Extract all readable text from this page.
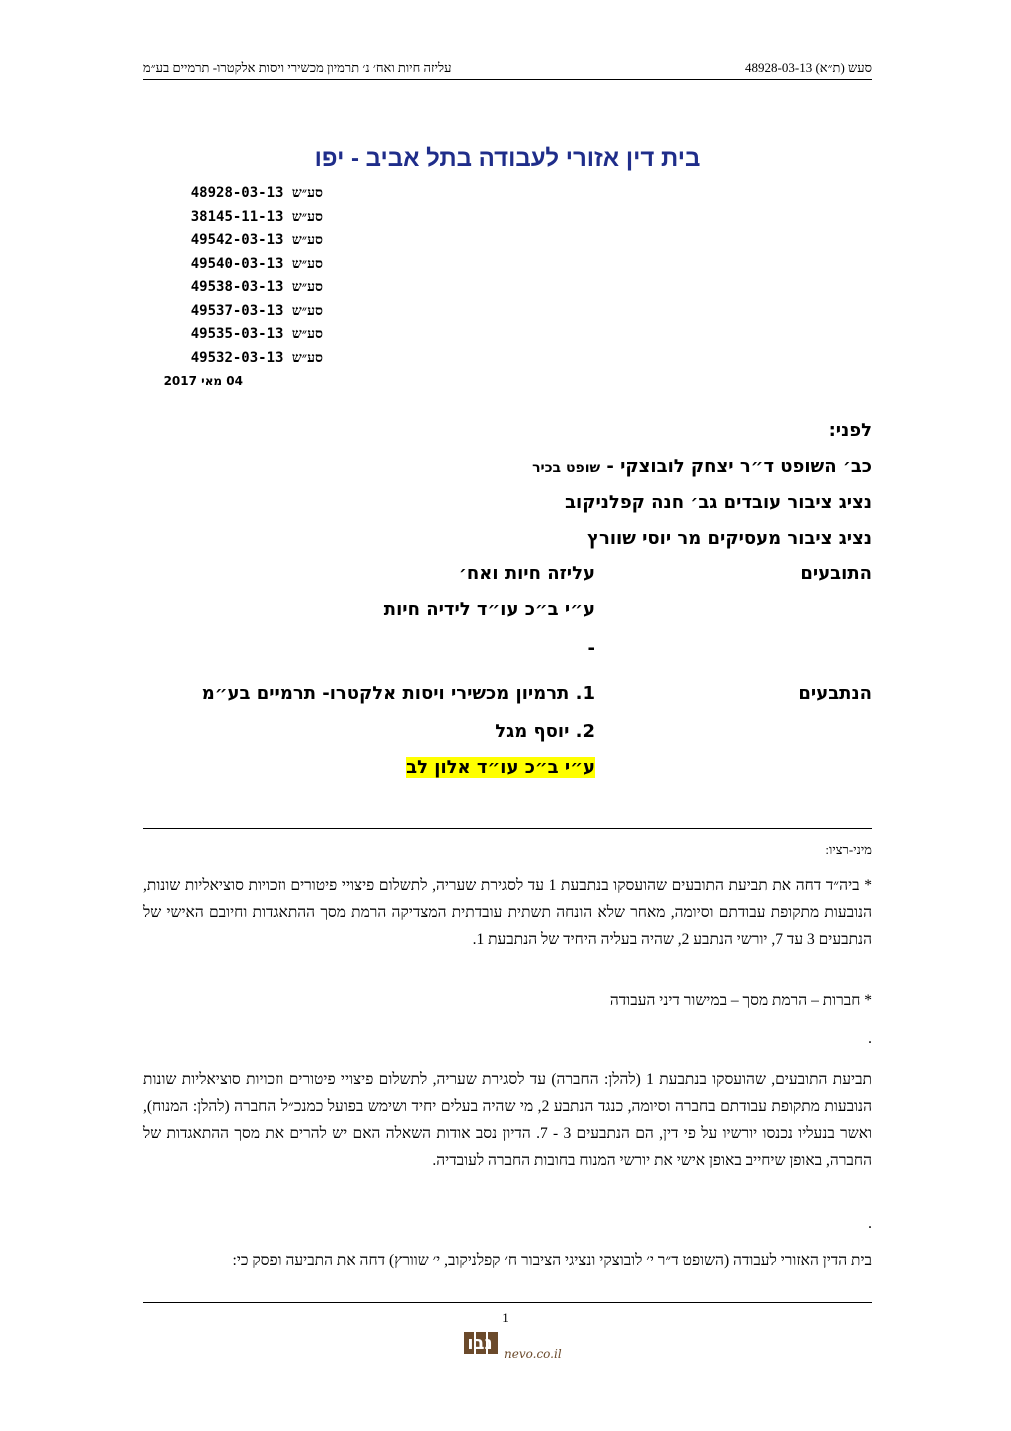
סעש (ת״א) 48928-03-13
עליזה חיות ואח׳ נ׳ תרמיון מכשירי ויסות אלקטרו- תרמיים בע״מ
בית דין אזורי לעבודה בתל אביב - יפו
סע״ש 48928-03-13
סע״ש 38145-11-13
סע״ש 49542-03-13
סע״ש 49540-03-13
סע״ש 49538-03-13
סע״ש 49537-03-13
סע״ש 49535-03-13
סע״ש 49532-03-13
04 מאי 2017
לפני:
כב׳ השופט ד״ר יצחק לובוצקי - שופט בכיר
נציג ציבור עובדים גב׳ חנה קפלניקוב
נציג ציבור מעסיקים מר יוסי שוורץ
התובעים
עליזה חיות ואח׳
ע״י ב״כ עו״ד לידיה חיות
-
הנתבעים
1. תרמיון מכשירי ויסות אלקטרו- תרמיים בע״מ
2. יוסף מגל
ע״י ב״כ עו״ד אלון לב
מיני-רציו:
* ביה״ד דחה את תביעת התובעים שהועסקו בנתבעת 1 עד לסגירת שעריה, לתשלום פיצויי פיטורים וזכויות סוציאליות שונות, הנובעות מתקופת עבודתם וסיומה, מאחר שלא הונחה תשתית עובדתית המצדיקה הרמת מסך ההתאגדות וחיובם האישי של הנתבעים 3 עד 7, יורשי הנתבע 2, שהיה בעליה היחיד של הנתבעת 1.
* חברות – הרמת מסך – במישור דיני העבודה
.
תביעת התובעים, שהועסקו בנתבעת 1 (להלן: החברה) עד לסגירת שעריה, לתשלום פיצויי פיטורים וזכויות סוציאליות שונות הנובעות מתקופת עבודתם בחברה וסיומה, כנגד הנתבע 2, מי שהיה בעלים יחיד ושימש בפועל כמנכ״ל החברה (להלן: המנוח), ואשר בנעליו נכנסו יורשיו על פי דין, הם הנתבעים 3 - 7. הדיון נסב אודות השאלה האם יש להרים את מסך ההתאגדות של החברה, באופן שיחייב באופן אישי את יורשי המנוח בחובות החברה לעובדיה.
.
בית הדין האזורי לעבודה (השופט ד״ר י׳ לובוצקי ונציגי הציבור ח׳ קפלניקוב, י׳ שוורץ) דחה את התביעה ופסק כי:
1
נבו nevo.co.il
